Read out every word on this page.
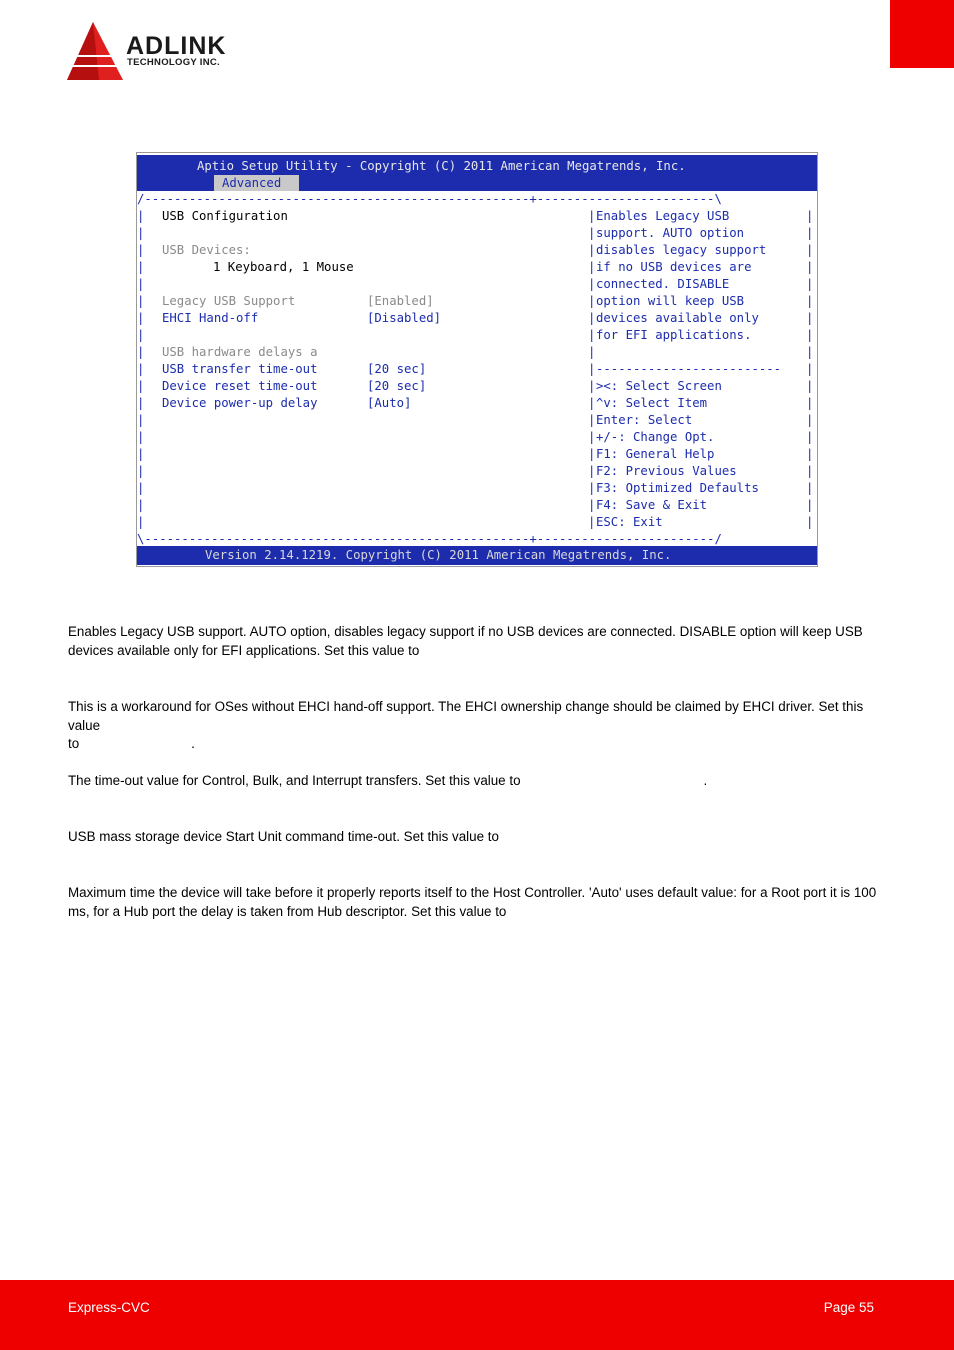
ADLINK
TECHNOLOGY INC.
Aptio Setup Utility - Copyright (C) 2011 American Megatrends, Inc.
Advanced
/----------------------------------------------------+------------------------\
|
|
|
|
|
|
|
|
|
|
|
|
|
|
|
|
|
|
|
|
|
|
|
|
|
|
|
|
|
|
|
|
|
|
|
|
|
|
|
|
|
|
|
|
|
|
|
|
|
|
|
|
|
|
|
|
|
-------------------------
\----------------------------------------------------+------------------------/
USB Configuration
USB Devices:
1 Keyboard, 1 Mouse
Legacy USB Support	[Enabled]
EHCI Hand-off	[Disabled]
USB hardware delays a
USB transfer time-out	[20 sec]
Device reset time-out	[20 sec]
Device power-up delay	[Auto]
Enables Legacy USB
support. AUTO option
disables legacy support
if no USB devices are
connected. DISABLE
option will keep USB
devices available only
for EFI applications.
><: Select Screen
^v: Select Item
Enter: Select
+/-: Change Opt.
F1: General Help
F2: Previous Values
F3: Optimized Defaults
F4: Save & Exit
ESC: Exit
Version 2.14.1219. Copyright (C) 2011 American Megatrends, Inc.
Enables Legacy USB support. AUTO option, disables legacy support if no USB devices are connected. DISABLE option will keep USB devices available only for EFI applications. Set this value to
This is a workaround for OSes without EHCI hand-off support. The EHCI ownership change should be claimed by EHCI driver. Set this value
to	.
The time-out value for Control, Bulk, and Interrupt transfers. Set this value to	.
USB mass storage device Start Unit command time-out. Set this value to
Maximum time the device will take before it properly reports itself to the Host Controller. 'Auto' uses default value: for a Root port it is 100 ms, for a Hub port the delay is taken from Hub descriptor. Set this value to
Express-CVC	Page 55
